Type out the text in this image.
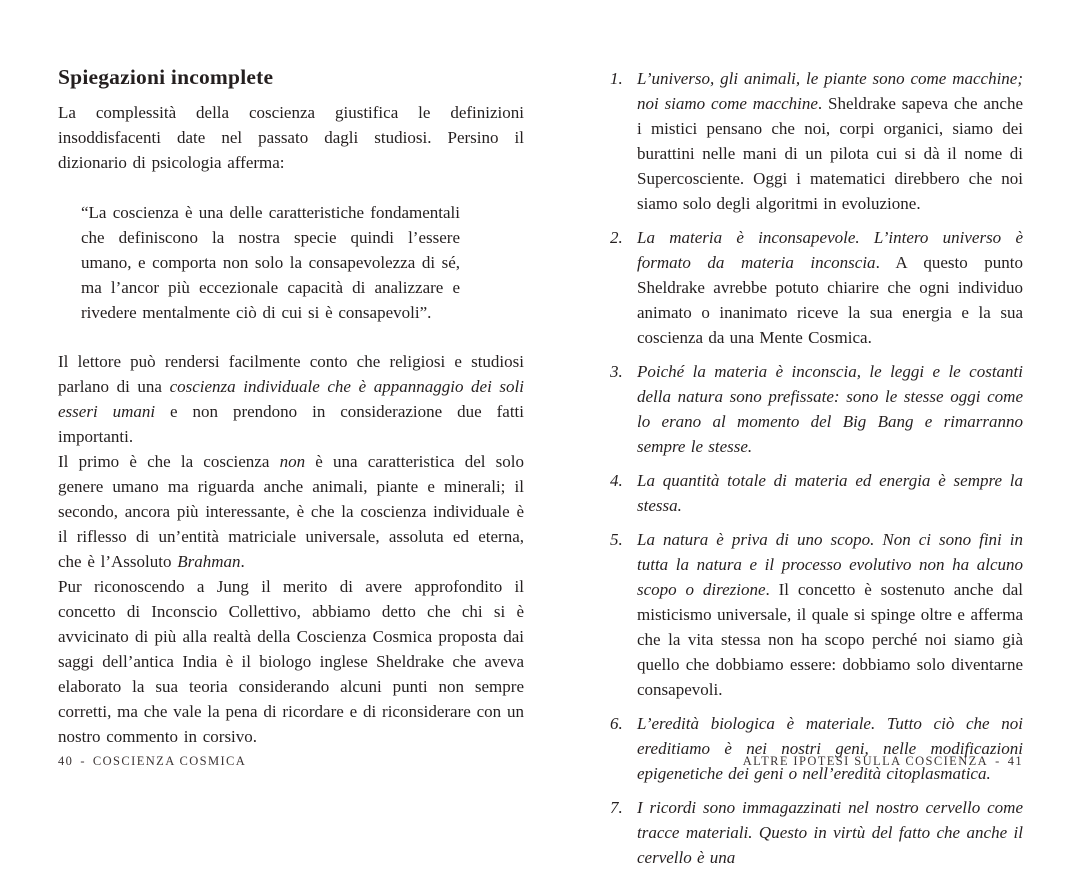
Spiegazioni incomplete

La complessità della coscienza giustifica le definizioni insoddisfacenti date nel passato dagli studiosi. Persino il dizionario di psicologia afferma:

“La coscienza è una delle caratteristiche fondamentali che definiscono la nostra specie quindi l’essere umano, e comporta non solo la consapevolezza di sé, ma l’ancor più eccezionale capacità di analizzare e rivedere mentalmente ciò di cui si è consapevoli”.

Il lettore può rendersi facilmente conto che religiosi e studiosi parlano di una coscienza individuale che è appannaggio dei soli esseri umani e non prendono in considerazione due fatti importanti.

Il primo è che la coscienza non è una caratteristica del solo genere umano ma riguarda anche animali, piante e minerali; il secondo, ancora più interessante, è che la coscienza individuale è il riflesso di un’entità matriciale universale, assoluta ed eterna, che è l’Assoluto Brahman.

Pur riconoscendo a Jung il merito di avere approfondito il concetto di Inconscio Collettivo, abbiamo detto che chi si è avvicinato di più alla realtà della Coscienza Cosmica proposta dai saggi dell’antica India è il biologo inglese Sheldrake che aveva elaborato la sua teoria considerando alcuni punti non sempre corretti, ma che vale la pena di ricordare e di riconsiderare con un nostro commento in corsivo.

1. L’universo, gli animali, le piante sono come macchine; noi siamo come macchine. Sheldrake sapeva che anche i mistici pensano che noi, corpi organici, siamo dei burattini nelle mani di un pilota cui si dà il nome di Supercosciente. Oggi i matematici direbbero che noi siamo solo degli algoritmi in evoluzione.
2. La materia è inconsapevole. L’intero universo è formato da materia inconscia. A questo punto Sheldrake avrebbe potuto chiarire che ogni individuo animato o inanimato riceve la sua energia e la sua coscienza da una Mente Cosmica.
3. Poiché la materia è inconscia, le leggi e le costanti della natura sono prefissate: sono le stesse oggi come lo erano al momento del Big Bang e rimarranno sempre le stesse.
4. La quantità totale di materia ed energia è sempre la stessa.
5. La natura è priva di uno scopo. Non ci sono fini in tutta la natura e il processo evolutivo non ha alcuno scopo o direzione. Il concetto è sostenuto anche dal misticismo universale, il quale si spinge oltre e afferma che la vita stessa non ha scopo perché noi siamo già quello che dobbiamo essere: dobbiamo solo diventarne consapevoli.
6. L’eredità biologica è materiale. Tutto ciò che noi ereditiamo è nei nostri geni, nelle modificazioni epigenetiche dei geni o nell’eredità citoplasmatica.
7. I ricordi sono immagazzinati nel nostro cervello come tracce materiali. Questo in virtù del fatto che anche il cervello è una
40 - COSCIENZA COSMICA	ALTRE IPOTESI SULLA COSCIENZA - 41
